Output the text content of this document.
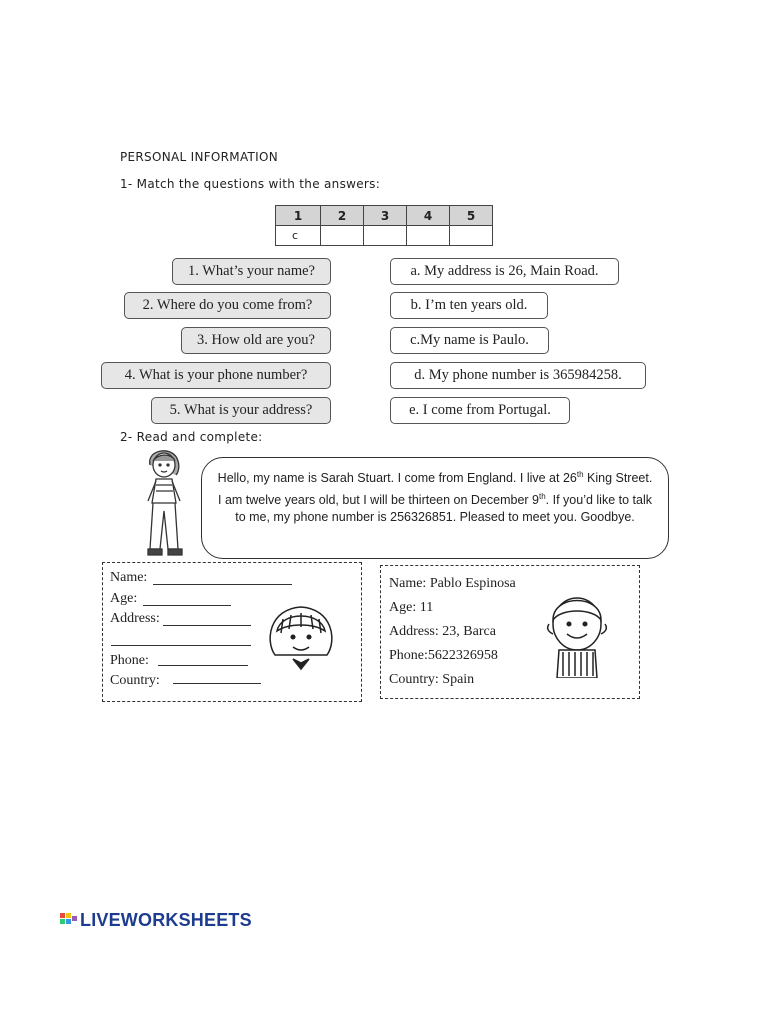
PERSONAL INFORMATION
1- Match the questions with the answers:
1	2	3	4	5
c				
1. What’s your name?
2. Where do you come from?
3. How old are you?
4. What is your phone number?
5. What is your address?
a. My address is 26, Main Road.
b. I’m ten years old.
c.My name is Paulo.
d. My phone number is 365984258.
e. I come from Portugal.
2- Read and complete:
Hello, my name is Sarah Stuart. I come from England. I live at 26th King Street. I am twelve years old, but I will be thirteen on December 9th. If you’d like to talk to me, my phone number is 256326851. Pleased to meet you. Goodbye.
Name:
Age:
Address:
Phone:
Country:
Name: Pablo Espinosa
Age: 11
Address: 23, Barca
Phone:5622326958
Country: Spain
LIVEWORKSHEETS
